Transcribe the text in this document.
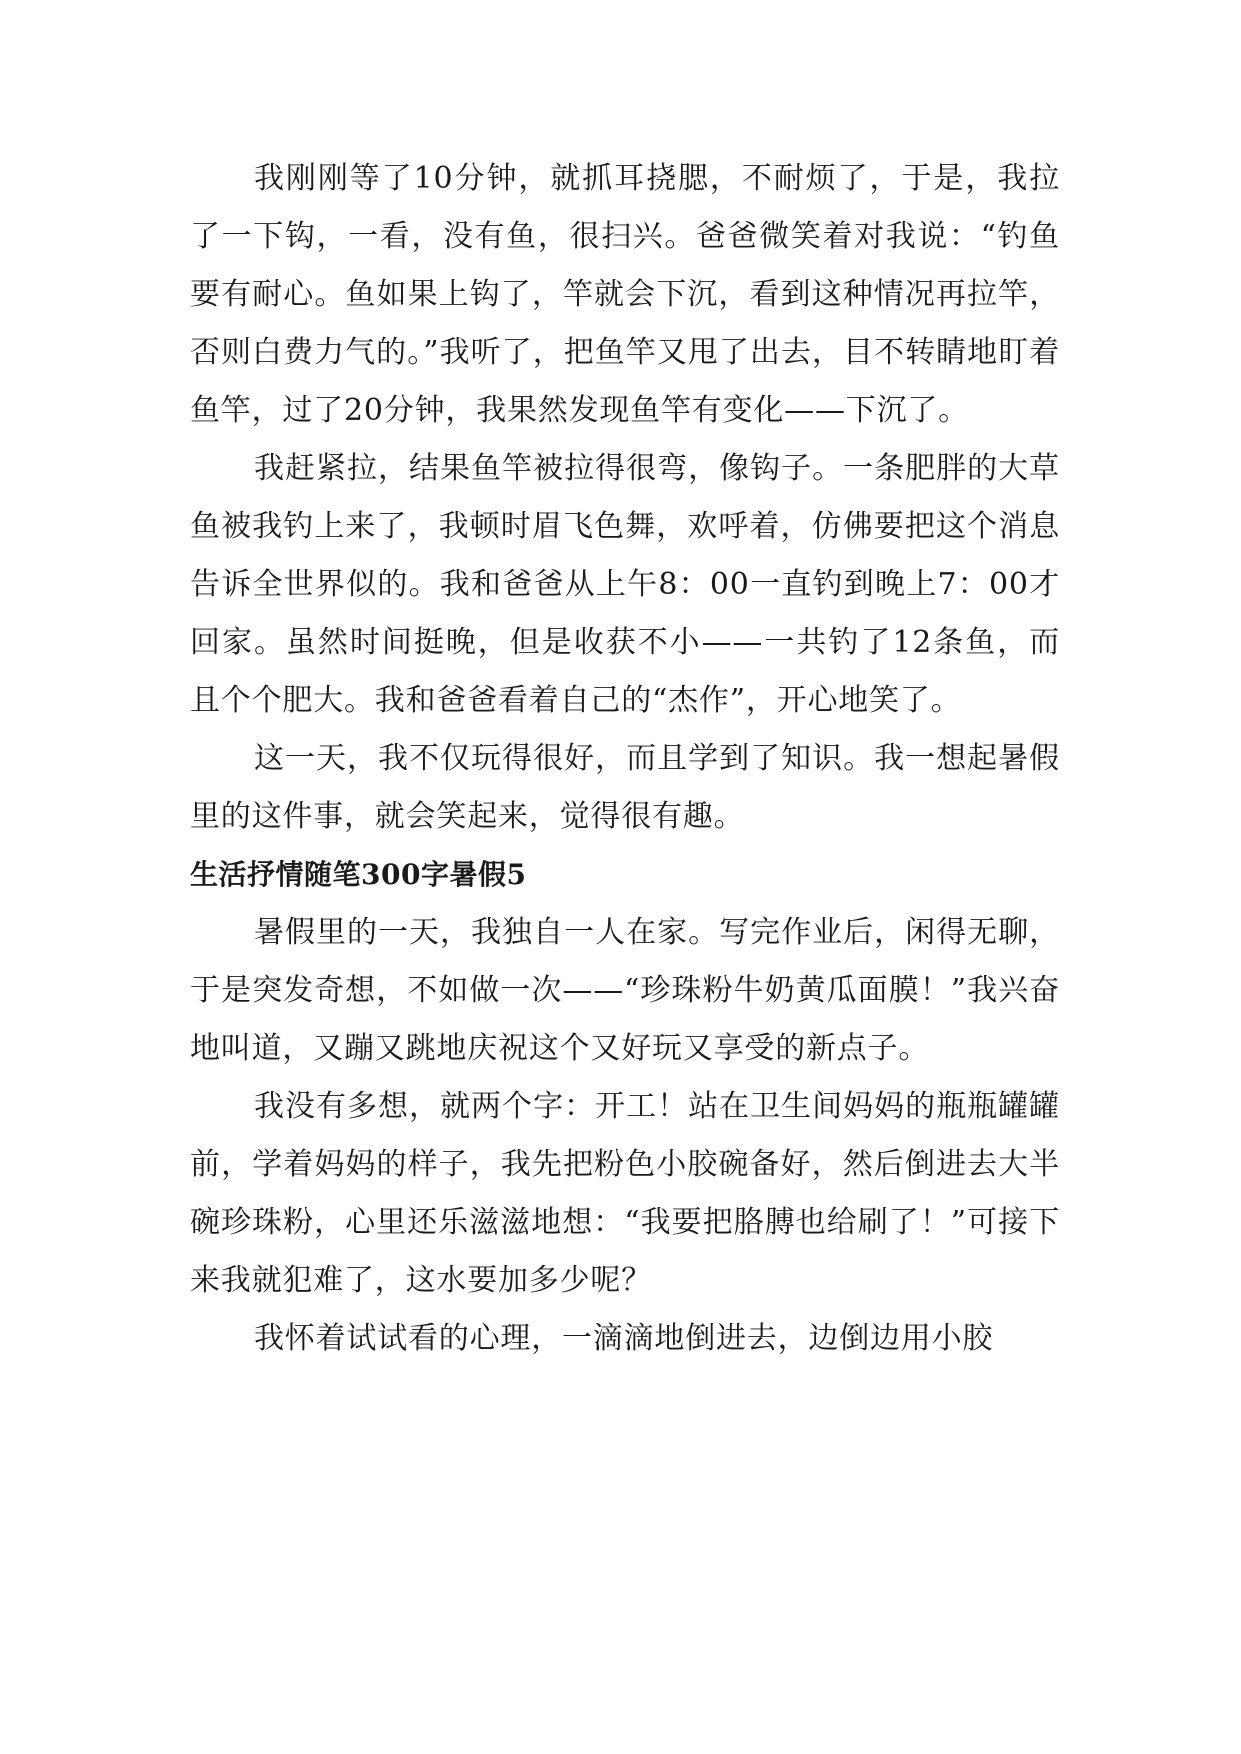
我刚刚等了10分钟，就抓耳挠腮，不耐烦了，于是，我拉了一下钩，一看，没有鱼，很扫兴。爸爸微笑着对我说：“钓鱼要有耐心。鱼如果上钩了，竿就会下沉，看到这种情况再拉竿，否则白费力气的。”我听了，把鱼竿又甩了出去，目不转睛地盯着鱼竿，过了20分钟，我果然发现鱼竿有变化——下沉了。

我赶紧拉，结果鱼竿被拉得很弯，像钩子。一条肥胖的大草鱼被我钓上来了，我顿时眉飞色舞，欢呼着，仿佛要把这个消息告诉全世界似的。我和爸爸从上午8：00一直钓到晚上7：00才回家。虽然时间挺晚，但是收获不小——一共钓了12条鱼，而且个个肥大。我和爸爸看着自己的“杰作”，开心地笑了。

这一天，我不仅玩得很好，而且学到了知识。我一想起暑假里的这件事，就会笑起来，觉得很有趣。

生活抒情随笔300字暑假5

暑假里的一天，我独自一人在家。写完作业后，闲得无聊，于是突发奇想，不如做一次——“珍珠粉牛奶黄瓜面膜！”我兴奋地叫道，又蹦又跳地庆祝这个又好玩又享受的新点子。

我没有多想，就两个字：开工！站在卫生间妈妈的瓶瓶罐罐前，学着妈妈的样子，我先把粉色小胶碗备好，然后倒进去大半碗珍珠粉，心里还乐滋滋地想：“我要把胳膊也给刷了！”可接下来我就犯难了，这水要加多少呢？

我怀着试试看的心理，一滴滴地倒进去，边倒边用小胶
